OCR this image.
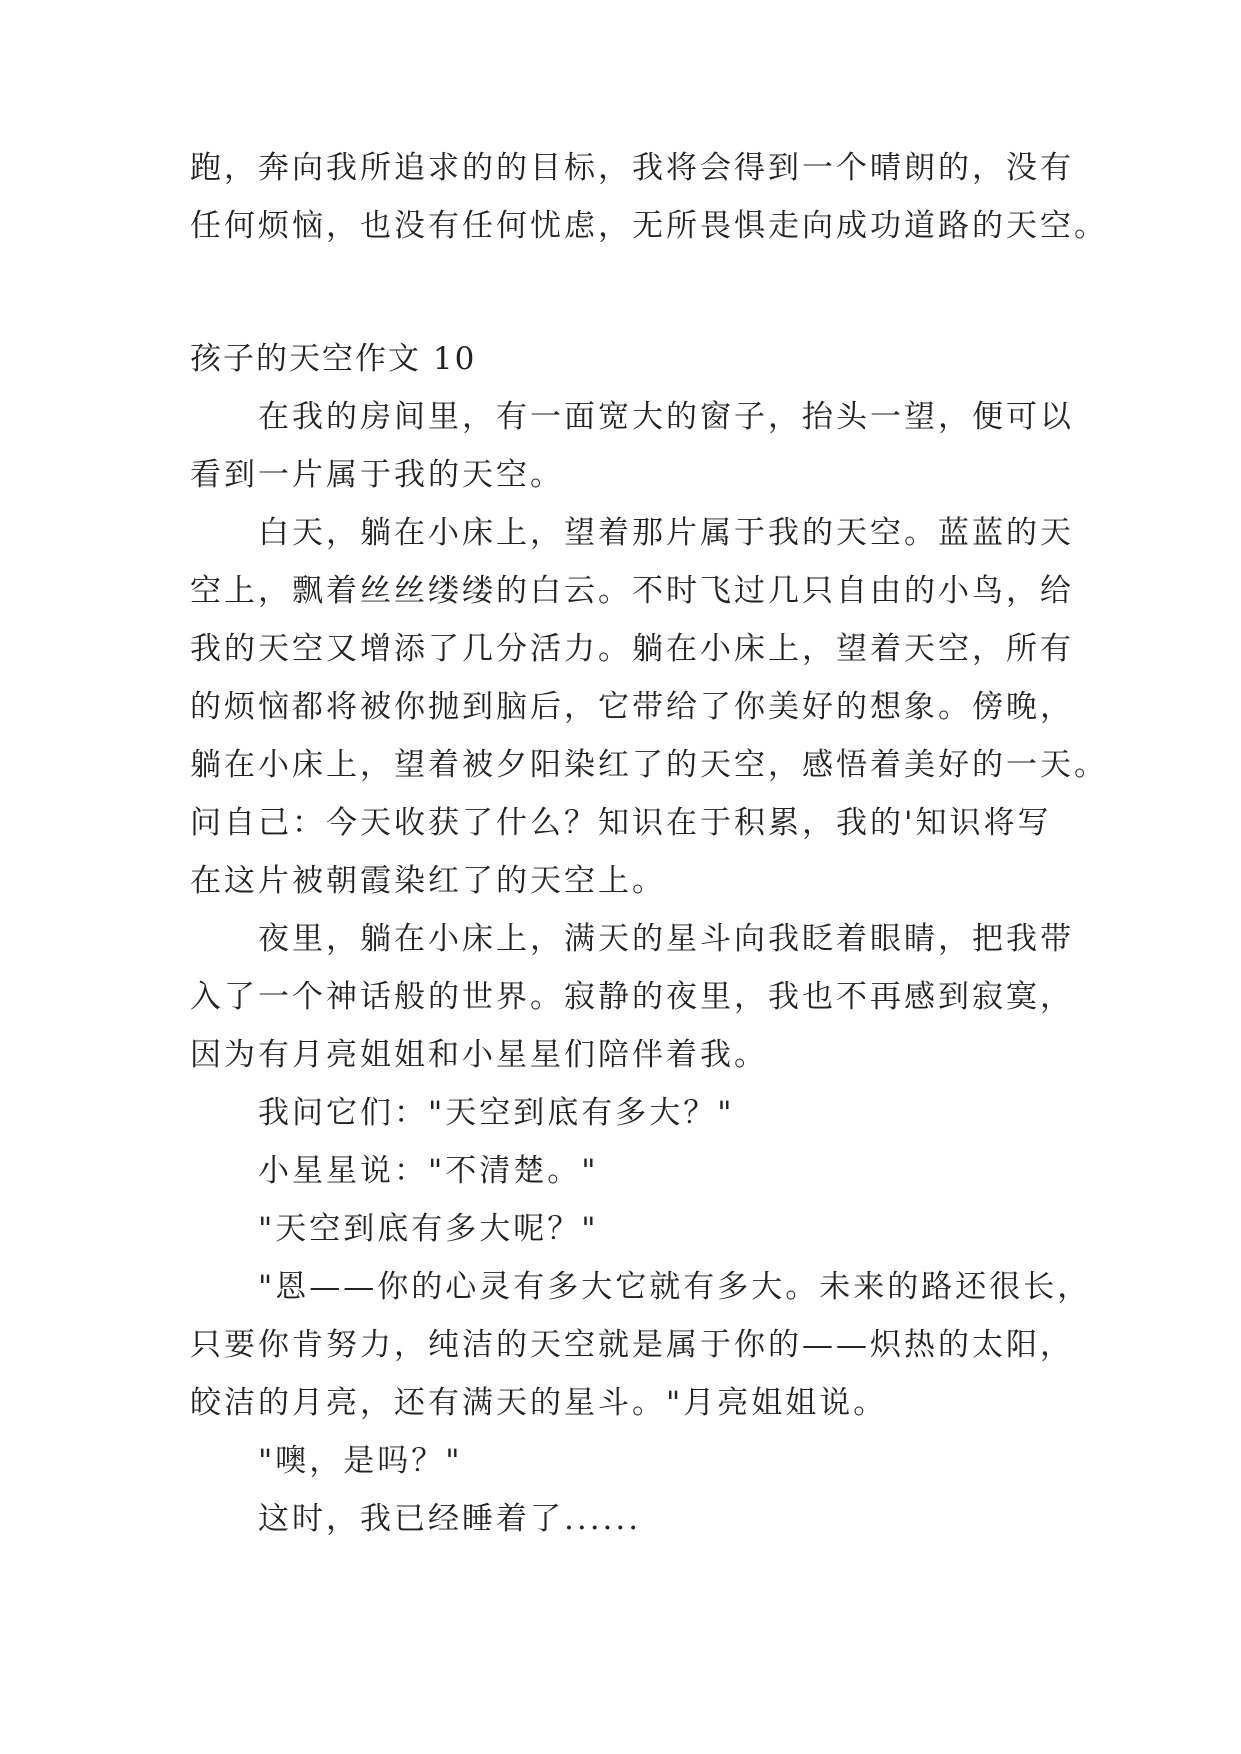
跑，奔向我所追求的的目标，我将会得到一个晴朗的，没有
任何烦恼，也没有任何忧虑，无所畏惧走向成功道路的天空。
孩子的天空作文 10
在我的房间里，有一面宽大的窗子，抬头一望，便可以
看到一片属于我的天空。
白天，躺在小床上，望着那片属于我的天空。蓝蓝的天
空上，飘着丝丝缕缕的白云。不时飞过几只自由的小鸟，给
我的天空又增添了几分活力。躺在小床上，望着天空，所有
的烦恼都将被你抛到脑后，它带给了你美好的想象。傍晚，
躺在小床上，望着被夕阳染红了的天空，感悟着美好的一天。
问自己：今天收获了什么？知识在于积累，我的'知识将写
在这片被朝霞染红了的天空上。
夜里，躺在小床上，满天的星斗向我眨着眼睛，把我带
入了一个神话般的世界。寂静的夜里，我也不再感到寂寞，
因为有月亮姐姐和小星星们陪伴着我。
我问它们："天空到底有多大？"
小星星说："不清楚。"
"天空到底有多大呢？"
"恩——你的心灵有多大它就有多大。未来的路还很长，
只要你肯努力，纯洁的天空就是属于你的——炽热的太阳，
皎洁的月亮，还有满天的星斗。"月亮姐姐说。
"噢，是吗？"
这时，我已经睡着了......
